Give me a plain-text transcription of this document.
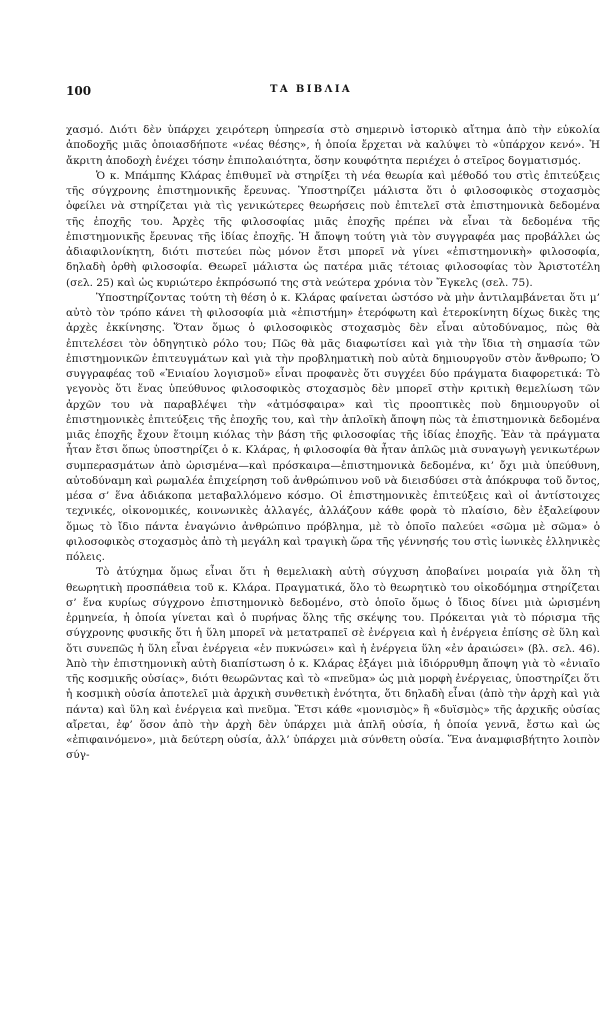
100	ΤΑ ΒΙΒΛΙΑ

χασμό. Διότι δὲν ὑπάρχει χειρότερη ὑπηρεσία στὸ σημερινὸ ἱστορικὸ αἴτημα ἀπὸ τὴν εὐκολία ἀποδοχῆς μιᾶς ὁποιασδήποτε «νέας θέσης», ἡ ὁποία ἔρχεται νὰ καλύψει τὸ «ὑπάρχον κενό». Ἡ ἄκριτη ἀποδοχὴ ἐνέχει τόσην ἐπιπολαιότητα, ὅσην κουφότητα περιέχει ὁ στεῖρος δογματισμός.

Ὁ κ. Μπάμπης Κλάρας ἐπιθυμεῖ νὰ στηρίξει τὴ νέα θεωρία καὶ μέθοδό του στὶς ἐπιτεύξεις τῆς σύγχρονης ἐπιστημονικῆς ἔρευνας. Ὑποστηρίζει μάλιστα ὅτι ὁ φιλοσοφικὸς στοχασμὸς ὀφείλει νὰ στηρίζεται γιὰ τὶς γενικώτερες θεωρήσεις ποὺ ἐπιτελεῖ στὰ ἐπιστημονικὰ δεδομένα τῆς ἐποχῆς του. Ἀρχὲς τῆς φιλοσοφίας μιᾶς ἐποχῆς πρέπει νὰ εἶναι τὰ δεδομένα τῆς ἐπιστημονικῆς ἔρευνας τῆς ἰδίας ἐποχῆς. Ἡ ἄποψη τούτη γιὰ τὸν συγγραφέα μας προβάλλει ὡς ἀδιαφιλονίκητη, διότι πιστεύει πὼς μόνον ἔτσι μπορεῖ νὰ γίνει «ἐπιστημονικὴ» φιλοσοφία, δηλαδὴ ὀρθὴ φιλοσοφία. Θεωρεῖ μάλιστα ὡς πατέρα μιᾶς τέτοιας φιλοσοφίας τὸν Ἀριστοτέλη (σελ. 25) καὶ ὡς κυριώτερο ἐκπρόσωπό της στὰ νεώτερα χρόνια τὸν Ἔγκελς (σελ. 75).

Ὑποστηρίζοντας τούτη τὴ θέση ὁ κ. Κλάρας φαίνεται ὡστόσο νὰ μὴν ἀντιλαμβάνεται ὅτι μ’ αὐτὸ τὸν τρόπο κάνει τὴ φιλοσοφία μιὰ «ἐπιστήμη» ἑτερόφωτη καὶ ἑτεροκίνητη δίχως δικὲς της ἀρχὲς ἐκκίνησης. Ὅταν ὅμως ὁ φιλοσοφικὸς στοχασμὸς δὲν εἶναι αὐτοδύναμος, πὼς θὰ ἐπιτελέσει τὸν ὁδηγητικὸ ρόλο του; Πῶς θὰ μᾶς διαφωτίσει καὶ γιὰ τὴν ἴδια τὴ σημασία τῶν ἐπιστημονικῶν ἐπιτευγμάτων καὶ γιὰ τὴν προβληματικὴ ποὺ αὐτὰ δημιουργοῦν στὸν ἄνθρωπο; Ὁ συγγραφέας τοῦ «Ἐνιαίου λογισμοῦ» εἶναι προφανὲς ὅτι συγχέει δύο πράγματα διαφορετικά: Τὸ γεγονὸς ὅτι ἕνας ὑπεύθυνος φιλοσοφικὸς στοχασμὸς δὲν μπορεῖ στὴν κριτικὴ θεμελίωση τῶν ἀρχῶν του νὰ παραβλέψει τὴν «ἀτμόσφαιρα» καὶ τὶς προοπτικὲς ποὺ δημιουργοῦν οἱ ἐπιστημονικὲς ἐπιτεύξεις τῆς ἐποχῆς του, καὶ τὴν ἁπλοϊκὴ ἄποψη πὼς τὰ ἐπιστημονικὰ δεδομένα μιᾶς ἐποχῆς ἔχουν ἕτοιμη κιόλας τὴν βάση τῆς φιλοσοφίας τῆς ἰδίας ἐποχῆς. Ἐὰν τὰ πράγματα ἦταν ἔτσι ὅπως ὑποστηρίζει ὁ κ. Κλάρας, ἡ φιλοσοφία θὰ ἦταν ἁπλῶς μιὰ συναγωγὴ γενικωτέρων συμπερασμάτων ἀπὸ ὡρισμένα—καὶ πρόσκαιρα—ἐπιστημονικὰ δεδομένα, κι’ ὄχι μιὰ ὑπεύθυνη, αὐτοδύναμη καὶ ρωμαλέα ἐπιχείρηση τοῦ ἀνθρώπινου νοῦ νὰ διεισδύσει στὰ ἀπόκρυφα τοῦ ὄντος, μέσα σ’ ἕνα ἀδιάκοπα μεταβαλλόμενο κόσμο. Οἱ ἐπιστημονικὲς ἐπιτεύξεις καὶ οἱ ἀντίστοιχες τεχνικές, οἰκονομικές, κοινωνικὲς ἀλλαγές, ἀλλάζουν κάθε φορὰ τὸ πλαίσιο, δὲν ἐξαλείφουν ὅμως τὸ ἴδιο πάντα ἐναγώνιο ἀνθρώπινο πρόβλημα, μὲ τὸ ὁποῖο παλεύει «σῶμα μὲ σῶμα» ὁ φιλοσοφικὸς στοχασμὸς ἀπὸ τὴ μεγάλη καὶ τραγικὴ ὥρα τῆς γέννησής του στὶς ἰωνικὲς ἑλληνικὲς πόλεις.

Τὸ ἀτύχημα ὅμως εἶναι ὅτι ἡ θεμελιακὴ αὐτὴ σύγχυση ἀποβαίνει μοιραία γιὰ ὅλη τὴ θεωρητικὴ προσπάθεια τοῦ κ. Κλάρα. Πραγματικά, ὅλο τὸ θεωρητικὸ του οἰκοδόμημα στηρίζεται σ’ ἕνα κυρίως σύγχρονο ἐπιστημονικὸ δεδομένο, στὸ ὁποῖο ὅμως ὁ ἴδιος δίνει μιὰ ὡρισμένη ἑρμηνεία, ἡ ὁποία γίνεται καὶ ὁ πυρήνας ὅλης τῆς σκέψης του. Πρόκειται γιὰ τὸ πόρισμα τῆς σύγχρονης φυσικῆς ὅτι ἡ ὕλη μπορεῖ νὰ μετατραπεῖ σὲ ἐνέργεια καὶ ἡ ἐνέργεια ἐπίσης σὲ ὕλη καὶ ὅτι συνεπῶς ἡ ὕλη εἶναι ἐνέργεια «ἐν πυκνώσει» καὶ ἡ ἐνέργεια ὕλη «ἐν ἀραιώσει» (βλ. σελ. 46). Ἀπὸ τὴν ἐπιστημονικὴ αὐτὴ διαπίστωση ὁ κ. Κλάρας ἐξάγει μιὰ ἰδιόρρυθμη ἄποψη γιὰ τὸ «ἑνιαῖο τῆς κοσμικῆς οὐσίας», διότι θεωρῶντας καὶ τὸ «πνεῦμα» ὡς μιὰ μορφὴ ἐνέργειας, ὑποστηρίζει ὅτι ἡ κοσμικὴ οὐσία ἀποτελεῖ μιὰ ἀρχικὴ συνθετικὴ ἑνότητα, ὅτι δηλαδὴ εἶναι (ἀπὸ τὴν ἀρχὴ καὶ γιὰ πάντα) καὶ ὕλη καὶ ἐνέργεια καὶ πνεῦμα. Ἔτσι κάθε «μονισμὸς» ἢ «δυϊσμὸς» τῆς ἀρχικῆς οὐσίας αἴρεται, ἐφ’ ὅσον ἀπὸ τὴν ἀρχὴ δὲν ὑπάρχει μιὰ ἁπλῆ οὐσία, ἡ ὁποία γεννᾶ, ἔστω καὶ ὡς «ἐπιφαινόμενο», μιὰ δεύτερη οὐσία, ἀλλ’ ὑπάρχει μιὰ σύνθετη οὐσία. Ἕνα ἀναμφισβήτητο λοιπὸν σύγ-
